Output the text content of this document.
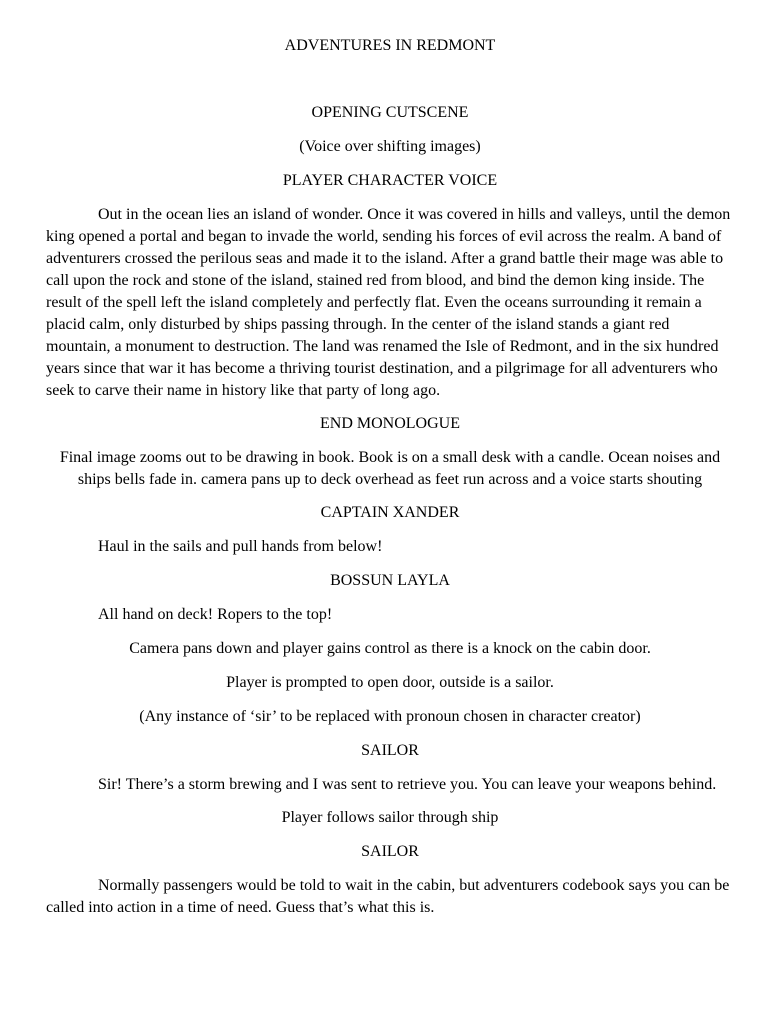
ADVENTURES IN REDMONT

OPENING CUTSCENE

(Voice over shifting images)

PLAYER CHARACTER VOICE

Out in the ocean lies an island of wonder. Once it was covered in hills and valleys, until the demon king opened a portal and began to invade the world, sending his forces of evil across the realm. A band of adventurers crossed the perilous seas and made it to the island. After a grand battle their mage was able to call upon the rock and stone of the island, stained red from blood, and bind the demon king inside. The result of the spell left the island completely and perfectly flat. Even the oceans surrounding it remain a placid calm, only disturbed by ships passing through. In the center of the island stands a giant red mountain, a monument to destruction. The land was renamed the Isle of Redmont, and in the six hundred years since that war it has become a thriving tourist destination, and a pilgrimage for all adventurers who seek to carve their name in history like that party of long ago.

END MONOLOGUE

Final image zooms out to be drawing in book. Book is on a small desk with a candle. Ocean noises and ships bells fade in. camera pans up to deck overhead as feet run across and a voice starts shouting

CAPTAIN XANDER

Haul in the sails and pull hands from below!

BOSSUN LAYLA

All hand on deck! Ropers to the top!

Camera pans down and player gains control as there is a knock on the cabin door.

Player is prompted to open door, outside is a sailor.

(Any instance of ‘sir’ to be replaced with pronoun chosen in character creator)

SAILOR

Sir! There’s a storm brewing and I was sent to retrieve you. You can leave your weapons behind.

Player follows sailor through ship

SAILOR

Normally passengers would be told to wait in the cabin, but adventurers codebook says you can be called into action in a time of need. Guess that’s what this is.
